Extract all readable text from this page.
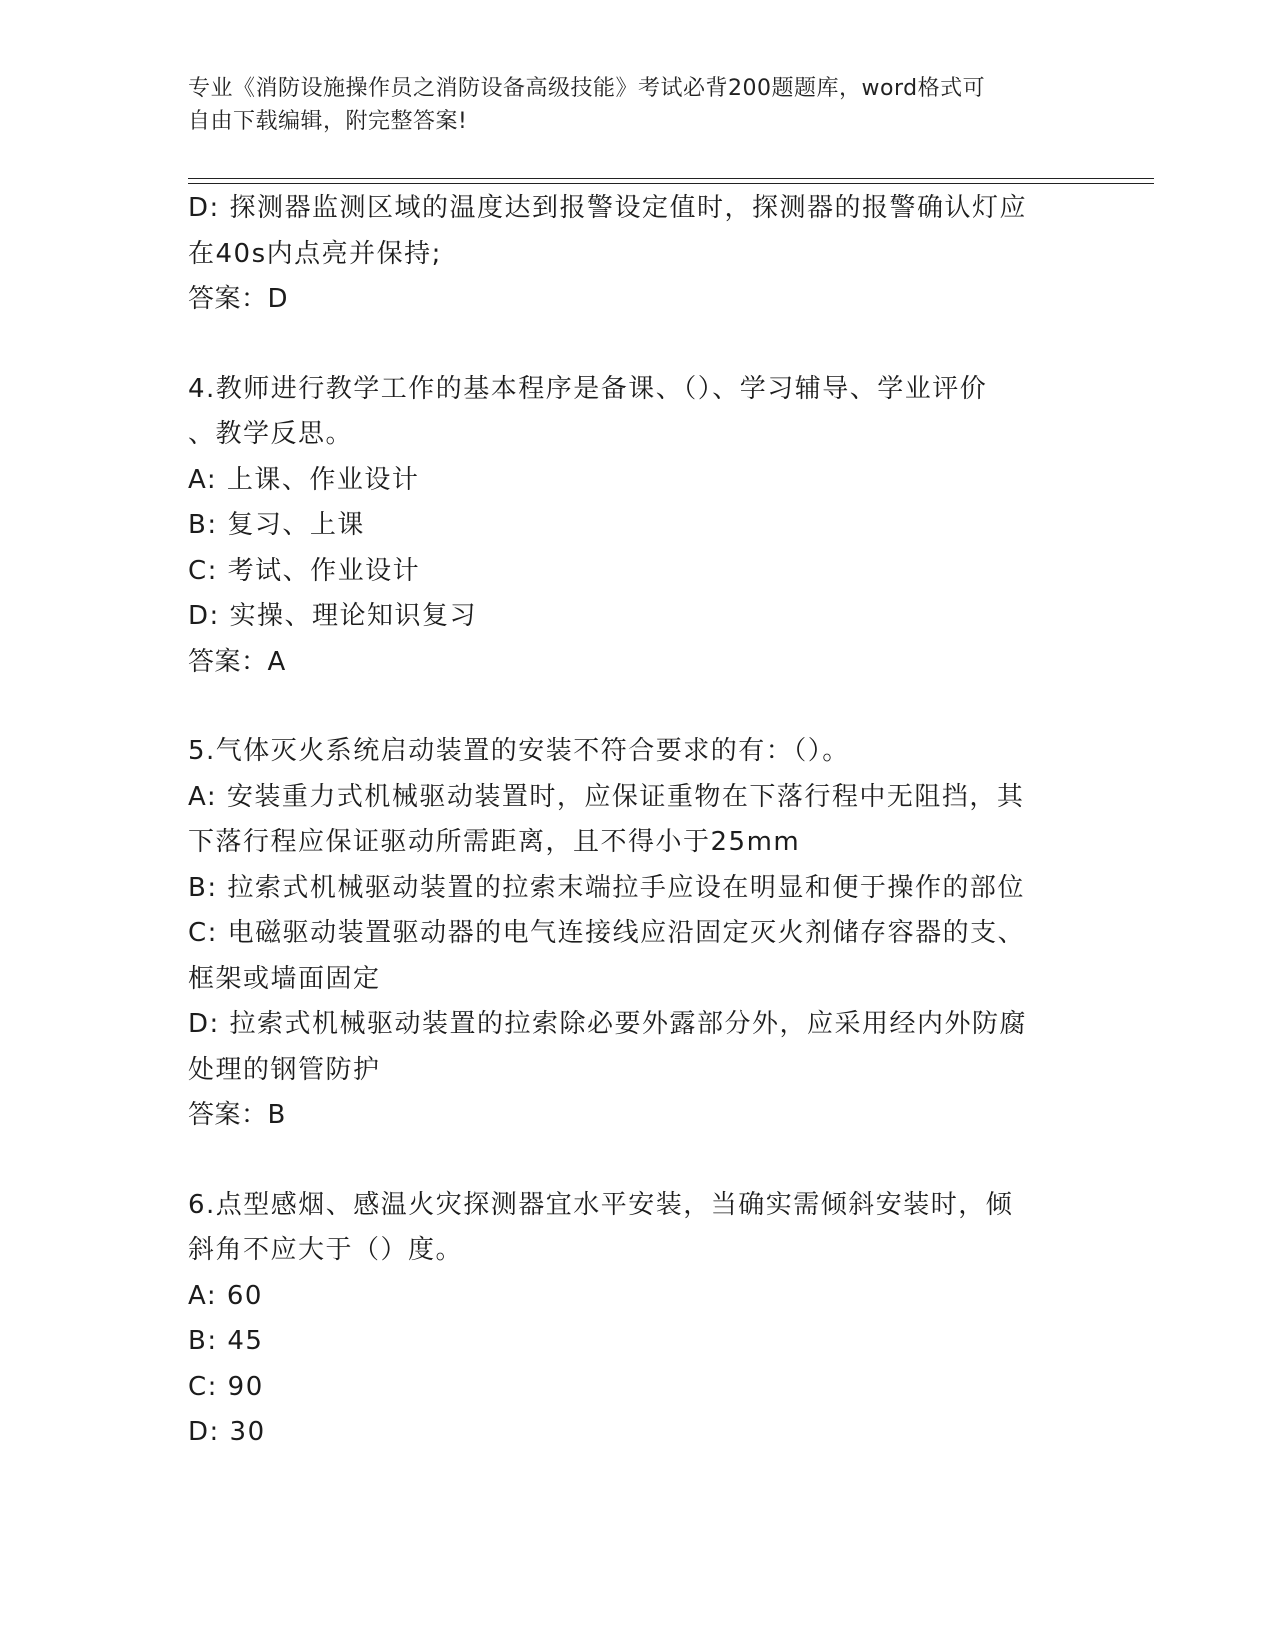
专业《消防设施操作员之消防设备高级技能》考试必背200题题库，word格式可
自由下载编辑，附完整答案!
D: 探测器监测区域的温度达到报警设定值时，探测器的报警确认灯应
在40s内点亮并保持;
答案：D
4.教师进行教学工作的基本程序是备课、（）、学习辅导、学业评价
、教学反思。
A: 上课、作业设计
B: 复习、上课
C: 考试、作业设计
D: 实操、理论知识复习
答案：A
5.气体灭火系统启动装置的安装不符合要求的有：（）。
A: 安装重力式机械驱动装置时，应保证重物在下落行程中无阻挡，其
下落行程应保证驱动所需距离，且不得小于25mm
B: 拉索式机械驱动装置的拉索末端拉手应设在明显和便于操作的部位
C: 电磁驱动装置驱动器的电气连接线应沿固定灭火剂储存容器的支、
框架或墙面固定
D: 拉索式机械驱动装置的拉索除必要外露部分外，应采用经内外防腐
处理的钢管防护
答案：B
6.点型感烟、感温火灾探测器宜水平安装，当确实需倾斜安装时，倾
斜角不应大于（）度。
A: 60
B: 45
C: 90
D: 30
